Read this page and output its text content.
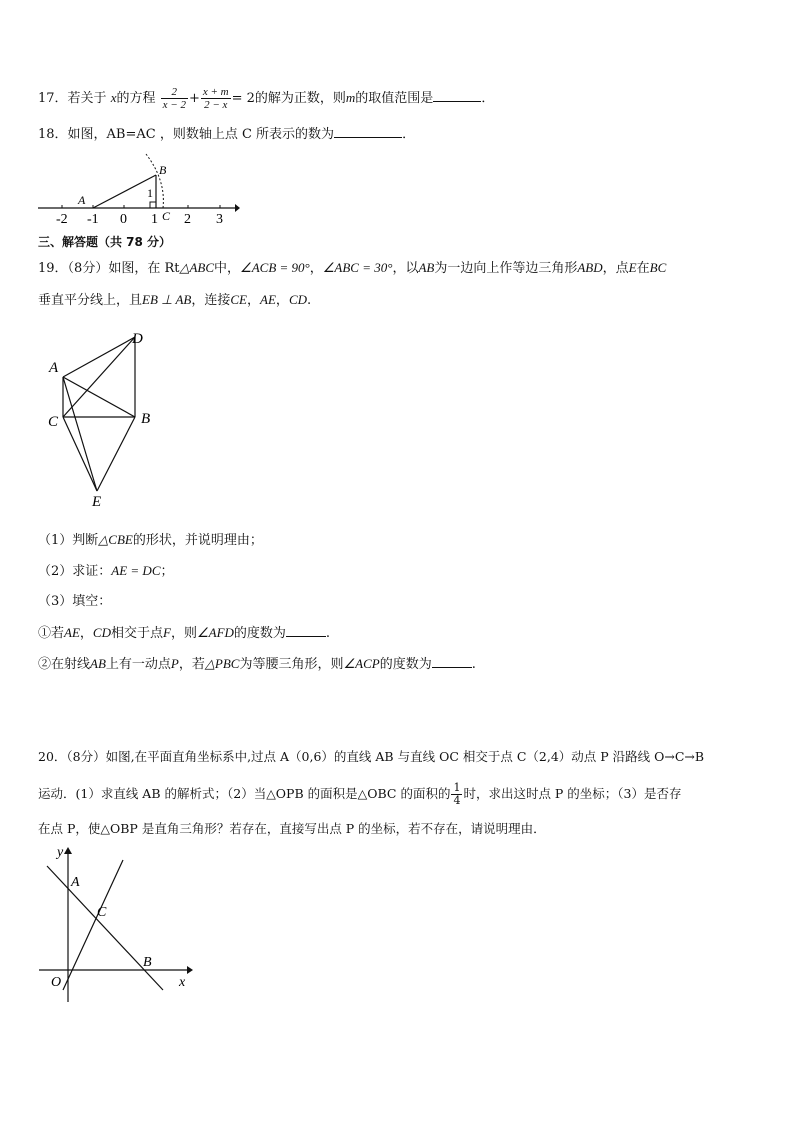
17．若关于 x的方程 $\frac{2}{x - 2} + \frac{x + m}{2 - x} = 2$的解为正数，则m的取值范围是	．
18．如图，AB=AC ，则数轴上点 C 所表示的数为	．
-2 -1 0 1 2 3
A
B
C
1
三、解答题（共 78 分）
19．（8分）如图，在 Rt△ABC中，∠ACB = 90°，∠ABC = 30°，以AB为一边向上作等边三角形ABD，点E在BC
垂直平分线上，且EB ⊥ AB，连接CE，AE，CD.
A
D
C	B
E
（1）判断△CBE的形状，并说明理由；
（2）求证：AE = DC；
（3）填空：
①若AE，CD相交于点F，则∠AFD的度数为	.
②在射线AB上有一动点P，若△PBC为等腰三角形，则∠ACP的度数为	.
20．（8分）如图,在平面直角坐标系中,过点 A（0,6）的直线 AB 与直线 OC 相交于点 C（2,4）动点 P 沿路线 O→C→B
运动．(1）求直线 AB 的解析式；（2）当△OPB 的面积是△OBC 的面积的 $\frac{1}{4}$ 时，求出这时点 P 的坐标；（3）是否存
在点 P，使△OBP 是直角三角形？若存在，直接写出点 P 的坐标，若不存在，请说明理由．
y
x
A
C
B
O
